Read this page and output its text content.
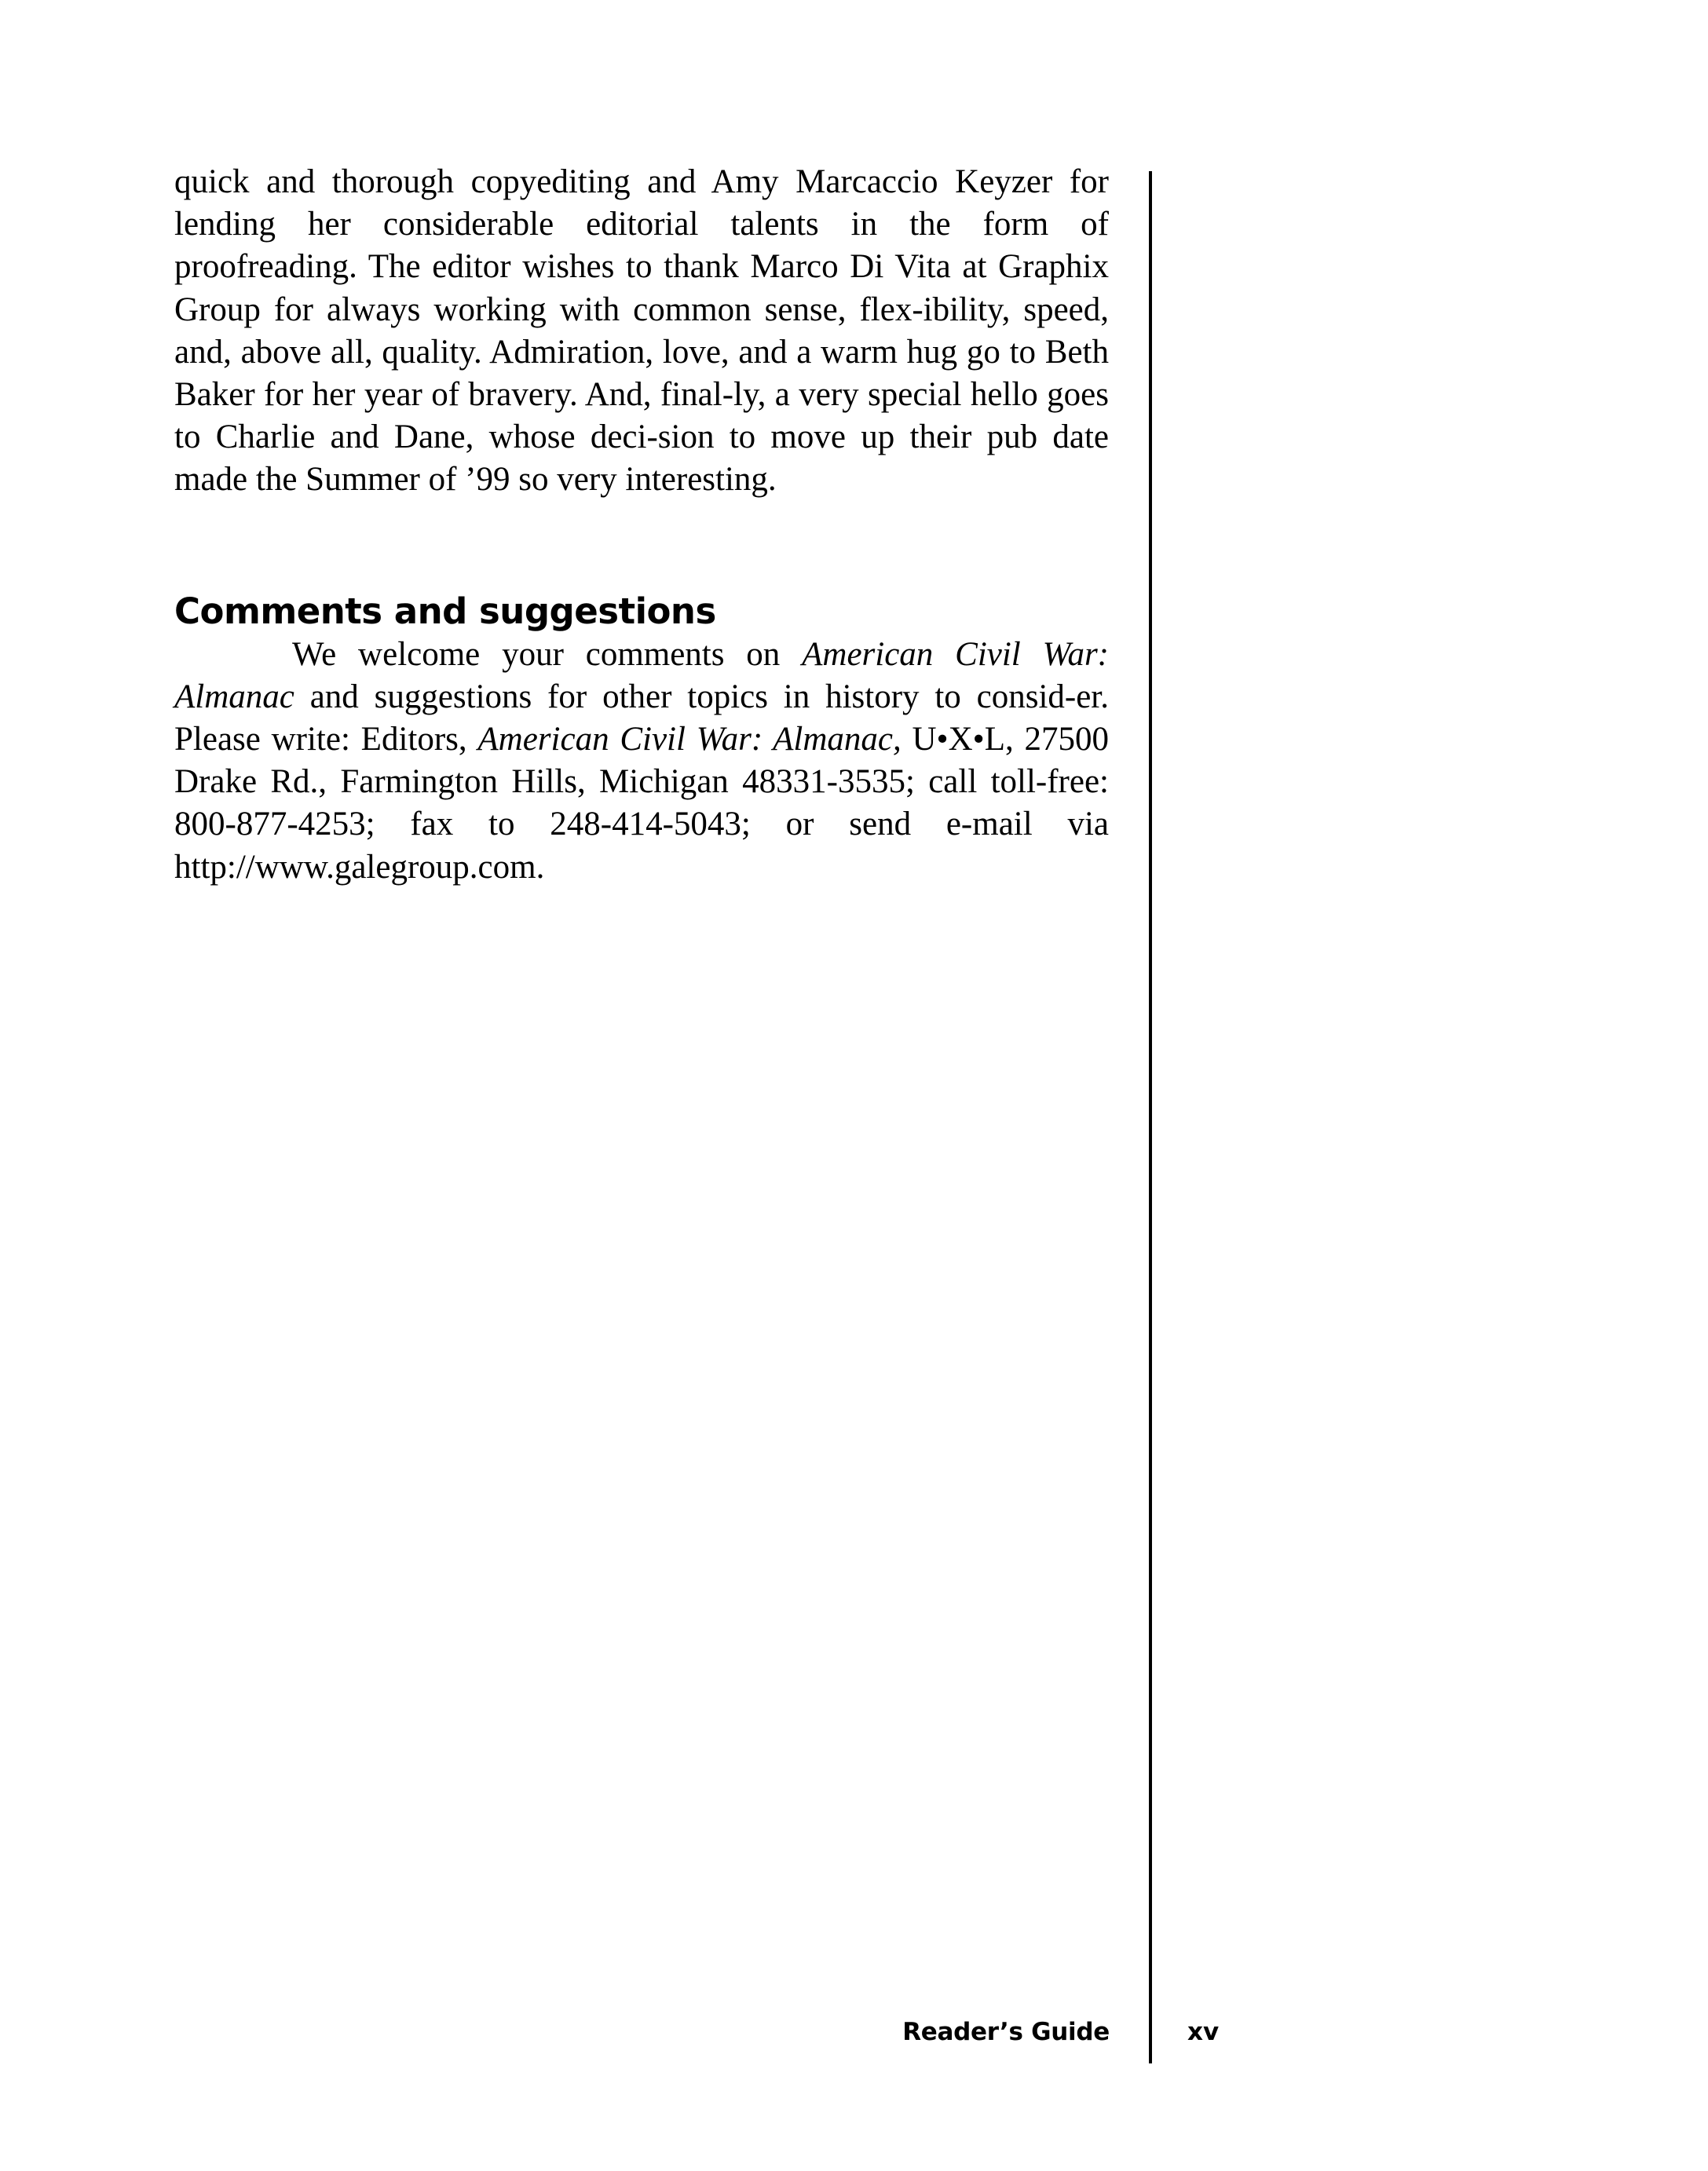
quick and thorough copyediting and Amy Marcaccio Keyzer for lending her considerable editorial talents in the form of proofreading. The editor wishes to thank Marco Di Vita at Graphix Group for always working with common sense, flex-ibility, speed, and, above all, quality. Admiration, love, and a warm hug go to Beth Baker for her year of bravery. And, final-ly, a very special hello goes to Charlie and Dane, whose deci-sion to move up their pub date made the Summer of ’99 so very interesting.

Comments and suggestions

We welcome your comments on American Civil War: Almanac and suggestions for other topics in history to consid-er. Please write: Editors, American Civil War: Almanac, U•X•L, 27500 Drake Rd., Farmington Hills, Michigan 48331-3535; call toll-free: 800-877-4253; fax to 248-414-5043; or send e-mail via http://www.galegroup.com.

Reader’s Guide	xv
